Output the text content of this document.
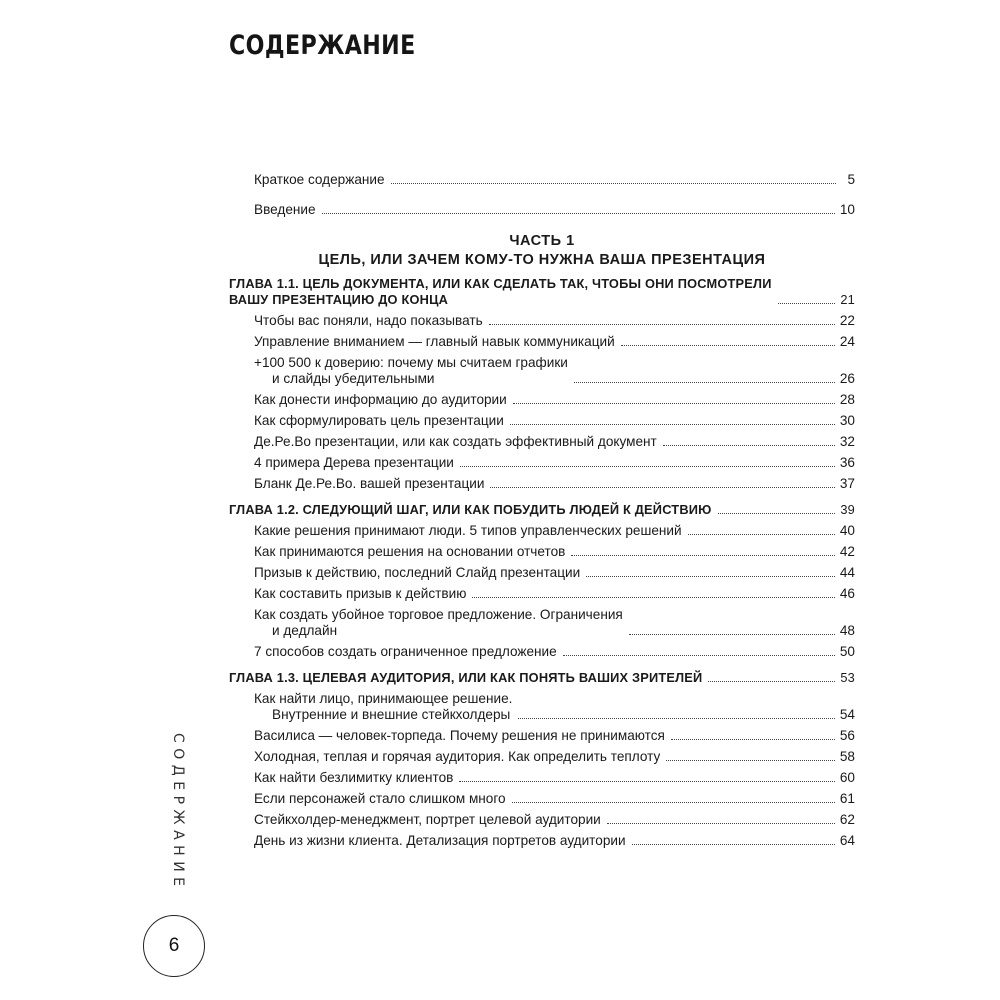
СОДЕРЖАНИЕ
Краткое содержание	5
Введение	10
ЧАСТЬ 1
ЦЕЛЬ, ИЛИ ЗАЧЕМ КОМУ-ТО НУЖНА ВАША ПРЕЗЕНТАЦИЯ
ГЛАВА 1.1. ЦЕЛЬ ДОКУМЕНТА, ИЛИ КАК СДЕЛАТЬ ТАК, ЧТОБЫ ОНИ ПОСМОТРЕЛИ
ВАШУ ПРЕЗЕНТАЦИЮ ДО КОНЦА	21
Чтобы вас поняли, надо показывать	22
Управление вниманием — главный навык коммуникаций	24
+100 500 к доверию: почему мы считаем графики
и слайды убедительными	26
Как донести информацию до аудитории	28
Как сформулировать цель презентации	30
Де.Ре.Во презентации, или как создать эффективный документ	32
4 примера Дерева презентации	36
Бланк Де.Ре.Во. вашей презентации	37
ГЛАВА 1.2. СЛЕДУЮЩИЙ ШАГ, ИЛИ КАК ПОБУДИТЬ ЛЮДЕЙ К ДЕЙСТВИЮ	39
Какие решения принимают люди. 5 типов управленческих решений	40
Как принимаются решения на основании отчетов	42
Призыв к действию, последний Слайд презентации	44
Как составить призыв к действию	46
Как создать убойное торговое предложение. Ограничения
и дедлайн	48
7 способов создать ограниченное предложение	50
ГЛАВА 1.3. ЦЕЛЕВАЯ АУДИТОРИЯ, ИЛИ КАК ПОНЯТЬ ВАШИХ ЗРИТЕЛЕЙ	53
Как найти лицо, принимающее решение.
Внутренние и внешние стейкхолдеры	54
Василиса — человек-торпеда. Почему решения не принимаются	56
Холодная, теплая и горячая аудитория. Как определить теплоту	58
Как найти безлимитку клиентов	60
Если персонажей стало слишком много	61
Стейкхолдер-менеджмент, портрет целевой аудитории	62
День из жизни клиента. Детализация портретов аудитории	64
СОДЕРЖАНИЕ
6
